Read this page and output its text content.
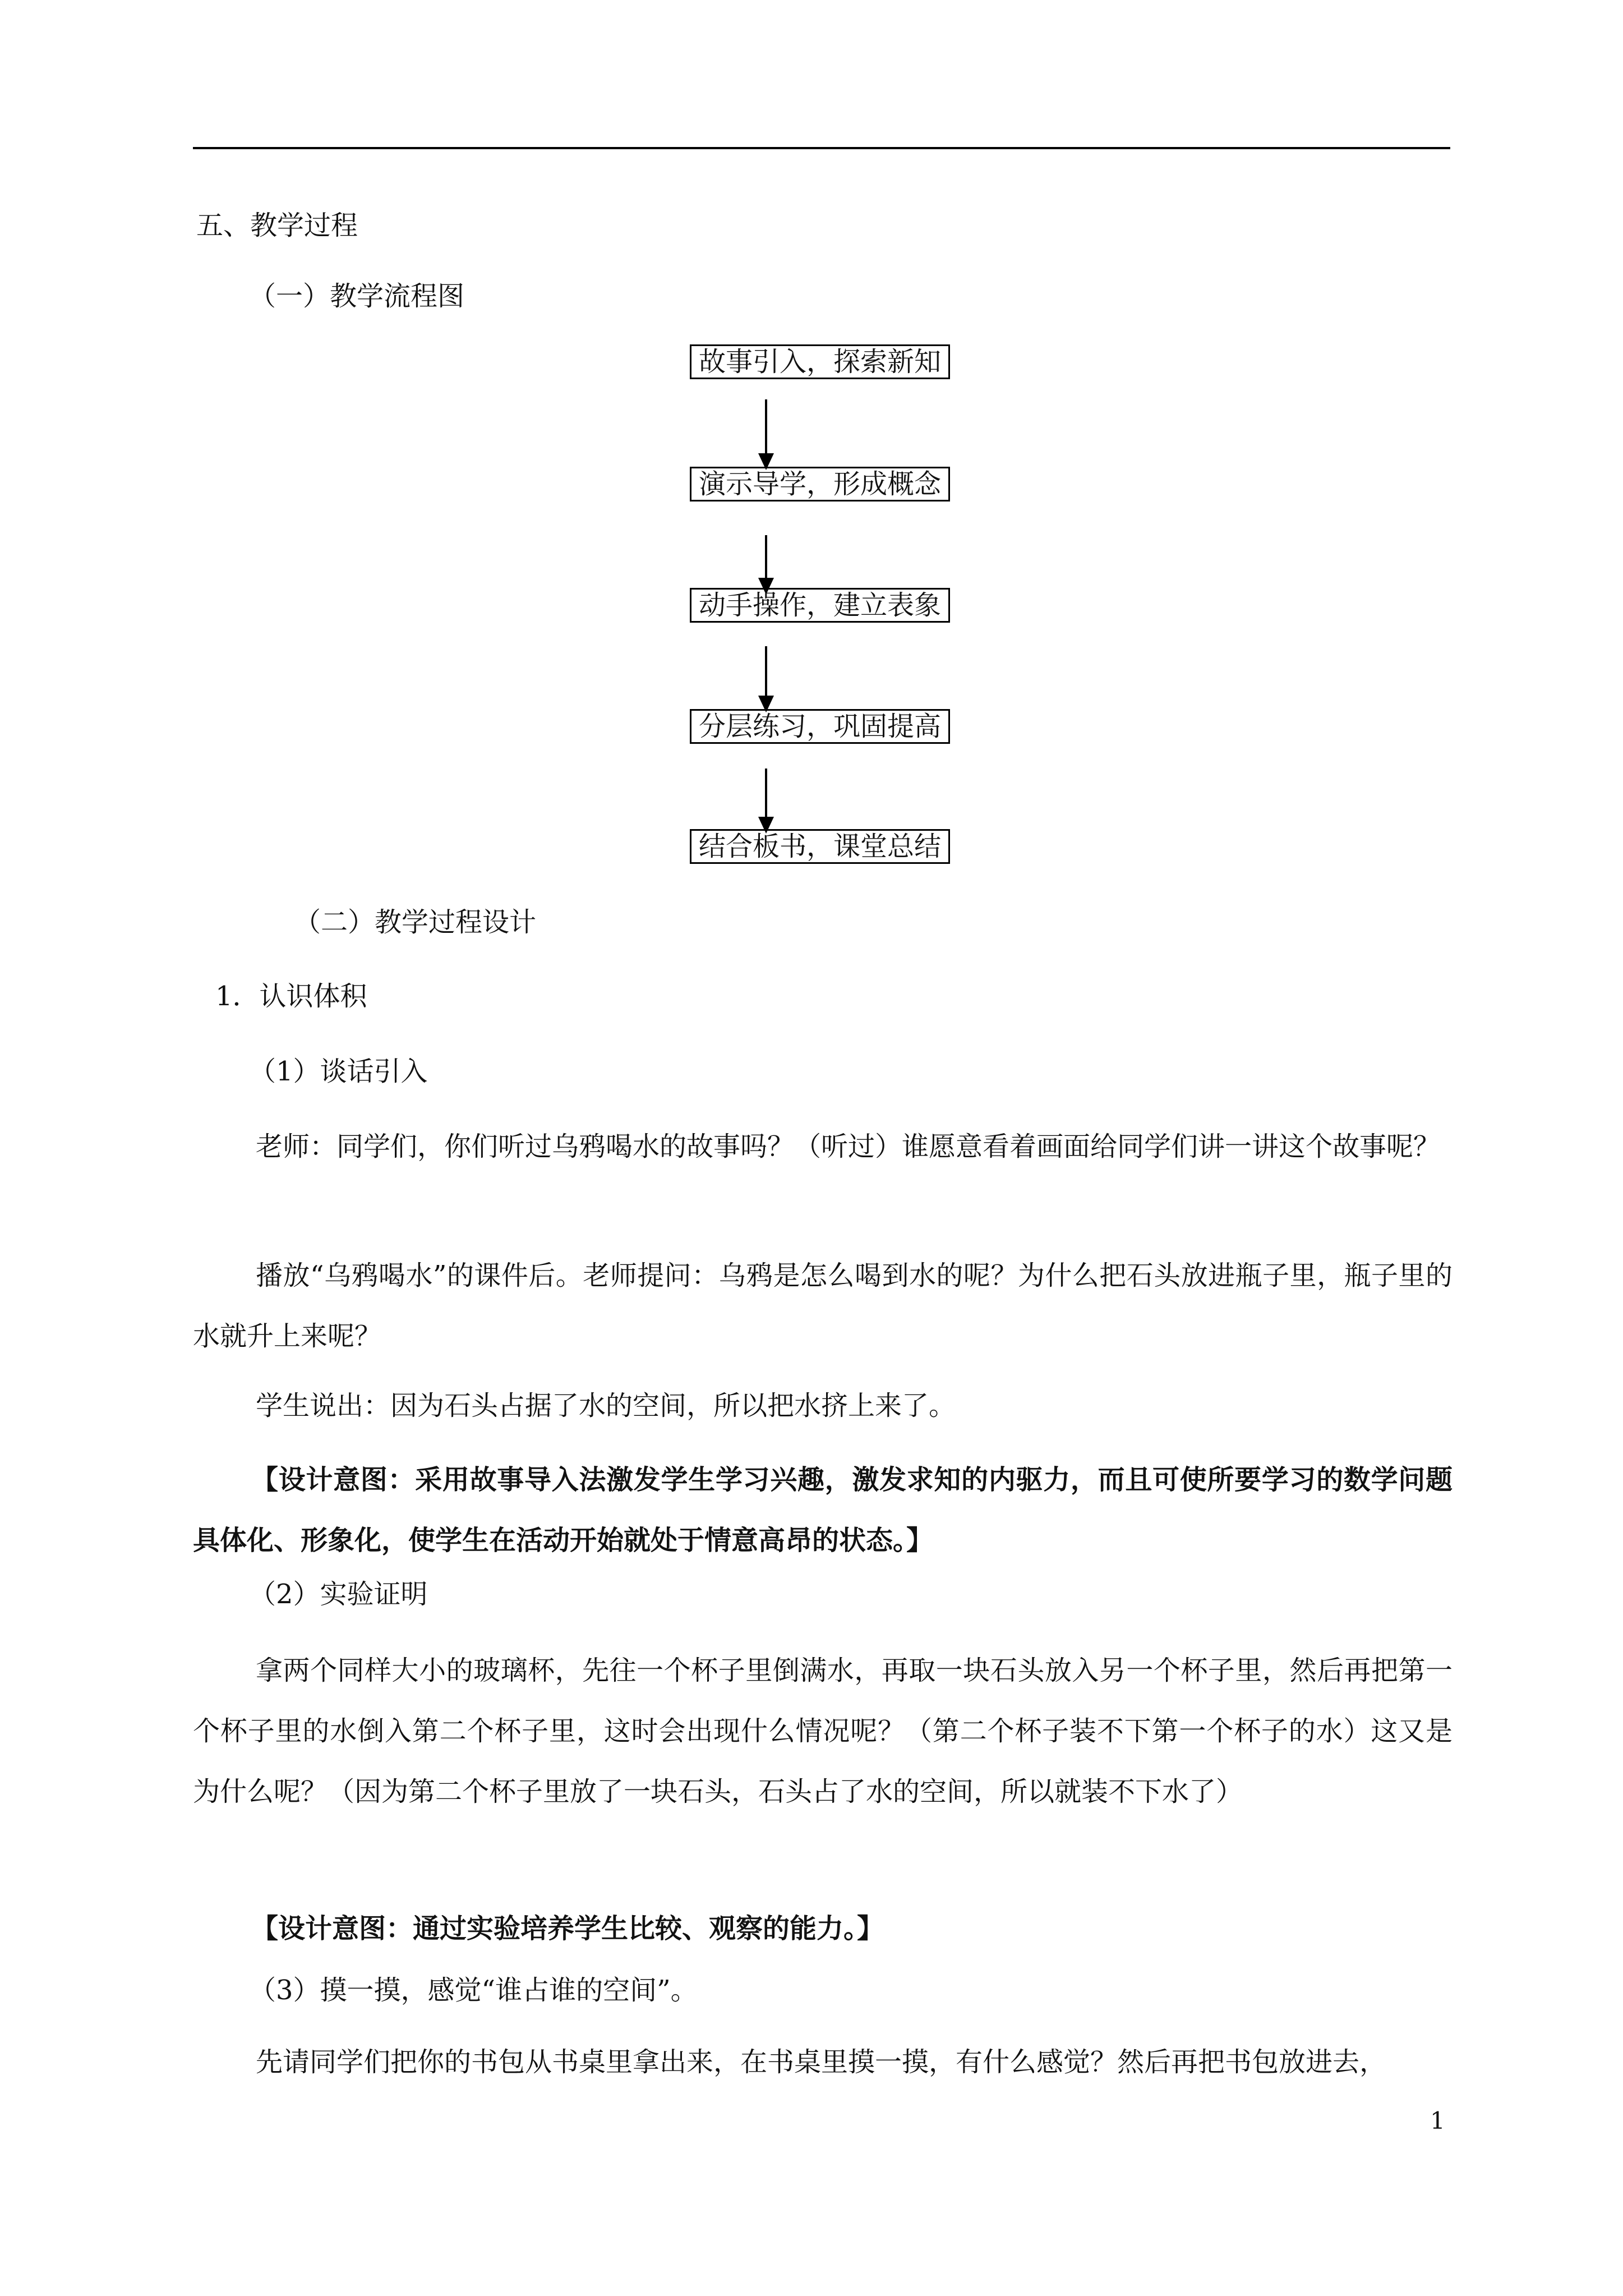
五、教学过程

（一）教学流程图

故事引入，探索新知
演示导学，形成概念
动手操作，建立表象
分层练习，巩固提高
结合板书，课堂总结

（二）教学过程设计

1．认识体积

（1）谈话引入

老师：同学们，你们听过乌鸦喝水的故事吗？（听过）谁愿意看着画面给同学们讲一讲这个故事呢？

播放“乌鸦喝水”的课件后。老师提问：乌鸦是怎么喝到水的呢？为什么把石头放进瓶子里，瓶子里的水就升上来呢？

学生说出：因为石头占据了水的空间，所以把水挤上来了。

【设计意图：采用故事导入法激发学生学习兴趣，激发求知的内驱力，而且可使所要学习的数学问题具体化、形象化，使学生在活动开始就处于情意高昂的状态。】

（2）实验证明

拿两个同样大小的玻璃杯，先往一个杯子里倒满水，再取一块石头放入另一个杯子里，然后再把第一个杯子里的水倒入第二个杯子里，这时会出现什么情况呢？（第二个杯子装不下第一个杯子的水）这又是为什么呢？（因为第二个杯子里放了一块石头，石头占了水的空间，所以就装不下水了）

【设计意图：通过实验培养学生比较、观察的能力。】

（3）摸一摸，感觉“谁占谁的空间”。

先请同学们把你的书包从书桌里拿出来，在书桌里摸一摸，有什么感觉？然后再把书包放进去，

1
